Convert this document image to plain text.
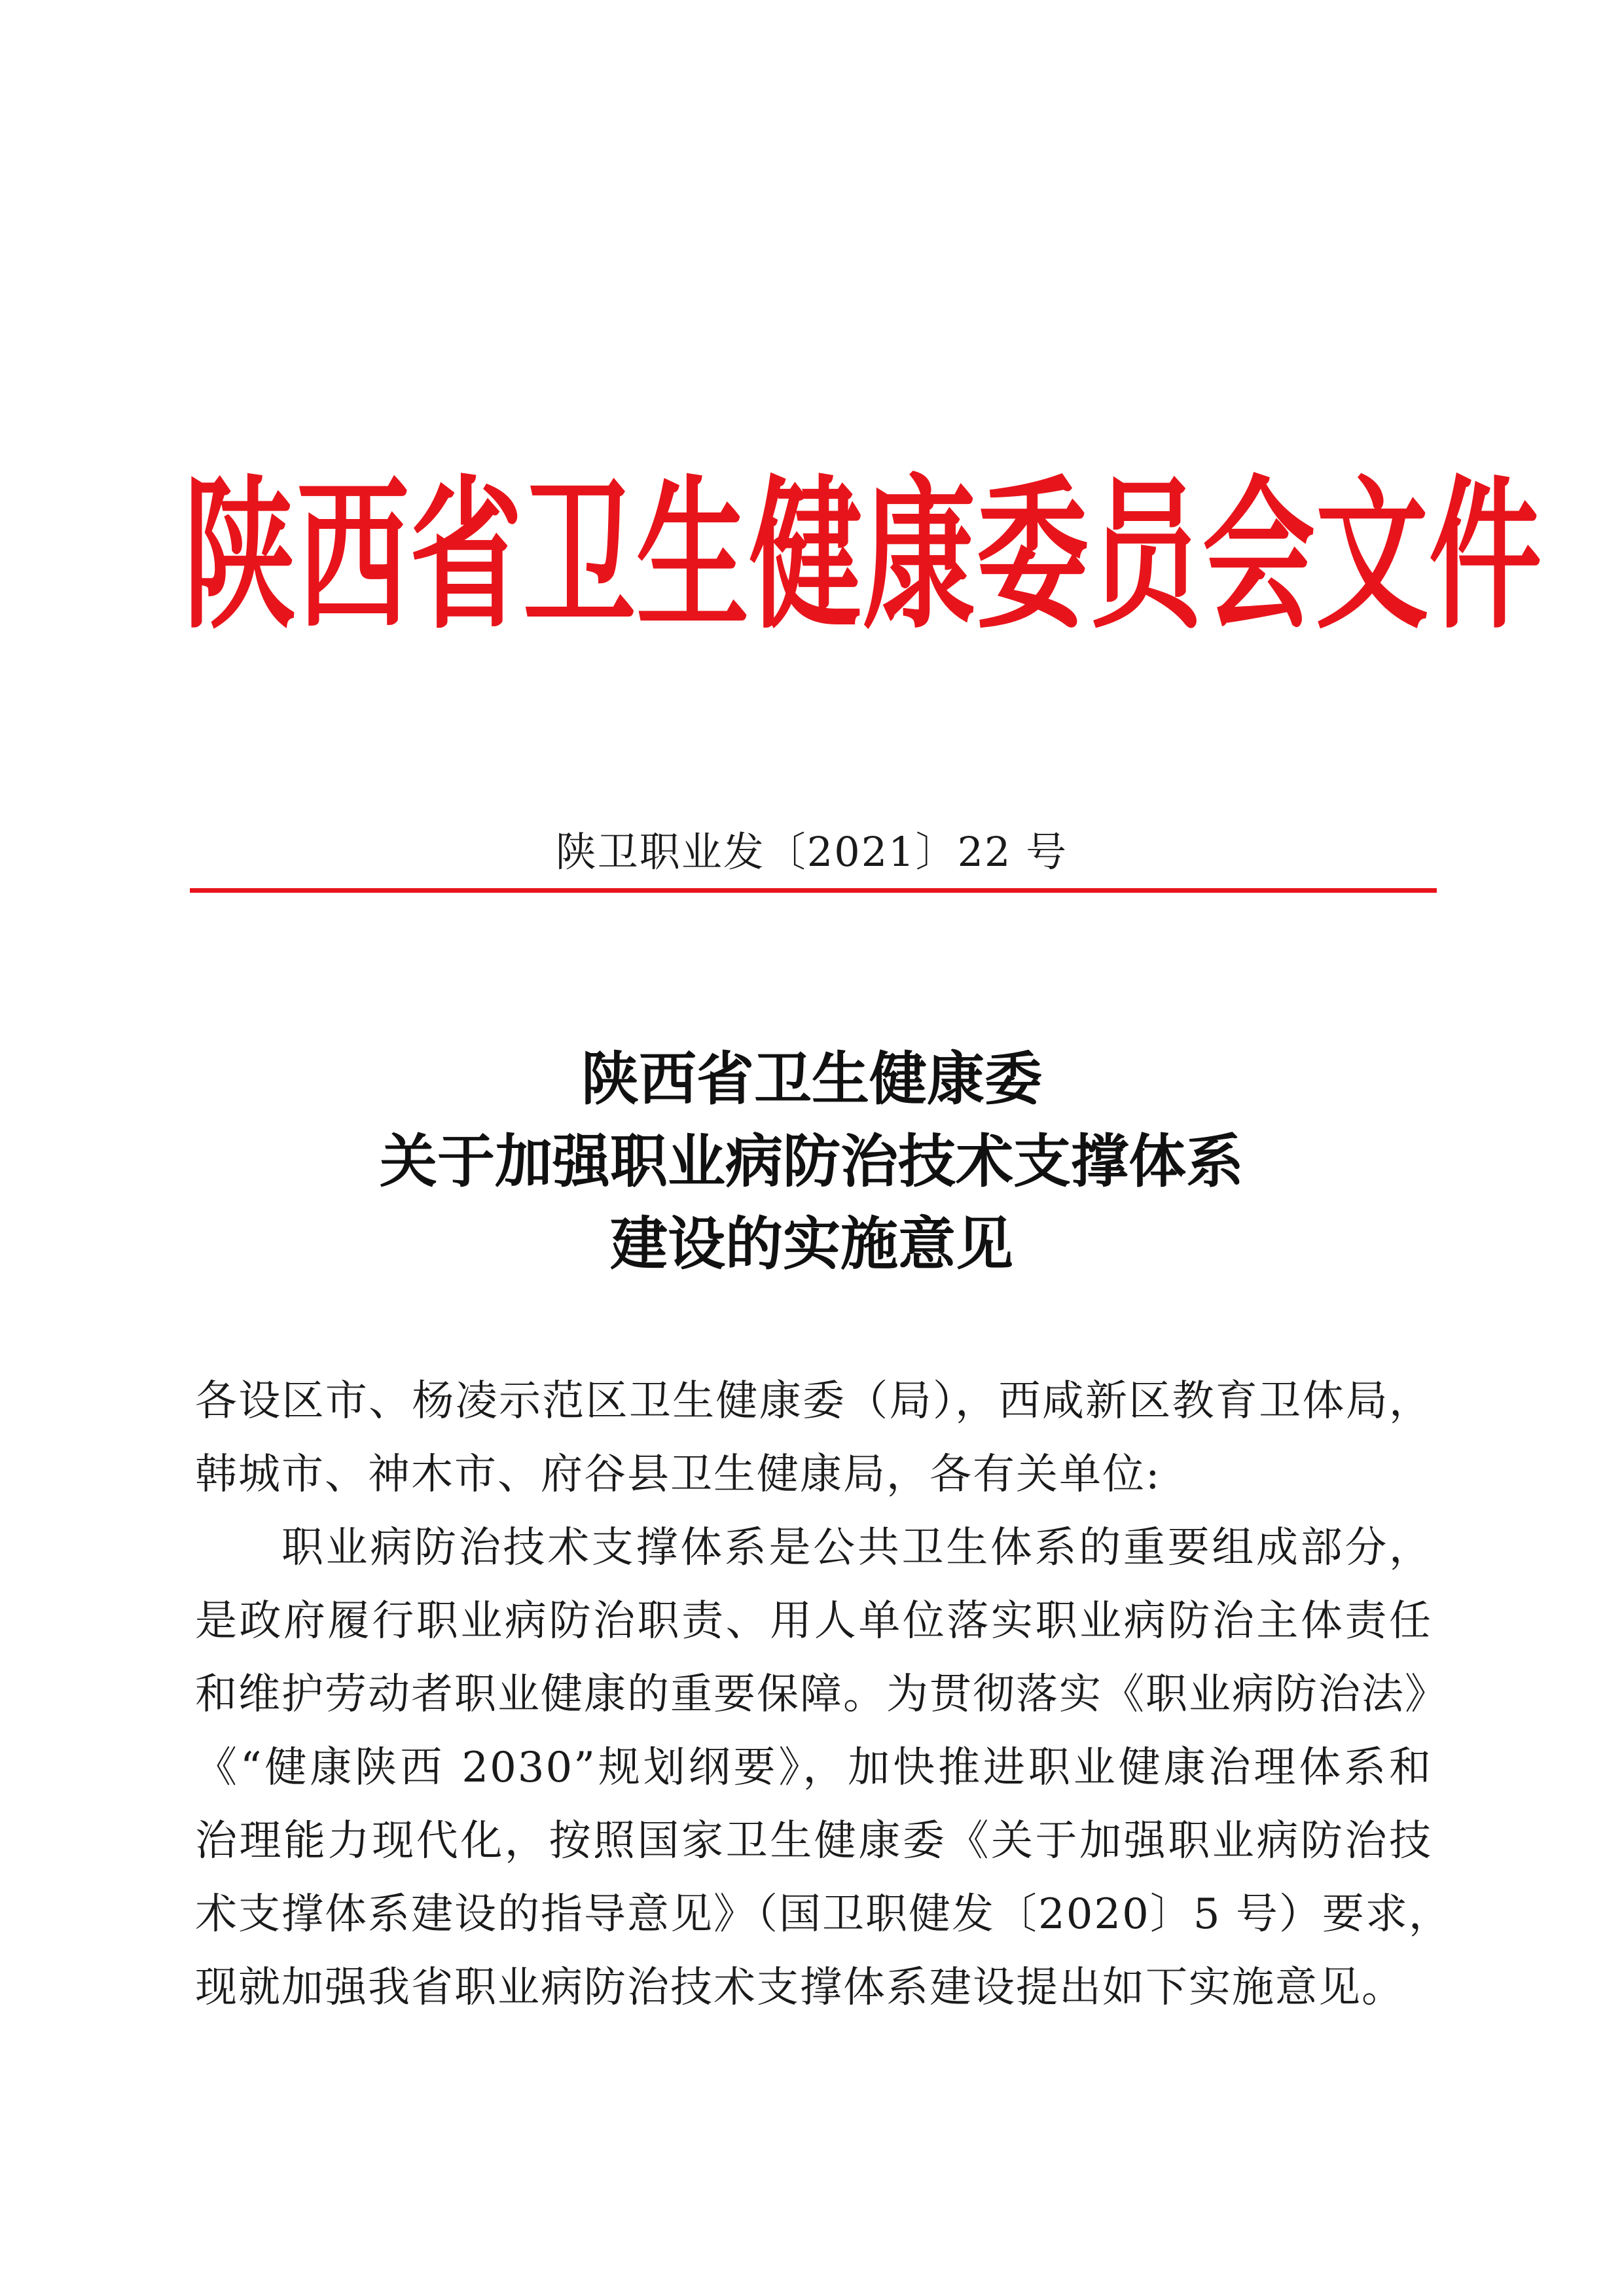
陕西省卫生健康委员会文件
陕卫职业发〔2021〕22 号
陕西省卫生健康委
关于加强职业病防治技术支撑体系
建设的实施意见
各设区市、杨凌示范区卫生健康委（局），西咸新区教育卫体局，
韩城市、神木市、府谷县卫生健康局，各有关单位:
职业病防治技术支撑体系是公共卫生体系的重要组成部分，
是政府履行职业病防治职责、用人单位落实职业病防治主体责任
和维护劳动者职业健康的重要保障。为贯彻落实《职业病防治法》
《“健康陕西 2030”规划纲要》，加快推进职业健康治理体系和
治理能力现代化，按照国家卫生健康委《关于加强职业病防治技
术支撑体系建设的指导意见》（国卫职健发〔2020〕5 号）要求，
现就加强我省职业病防治技术支撑体系建设提出如下实施意见。
